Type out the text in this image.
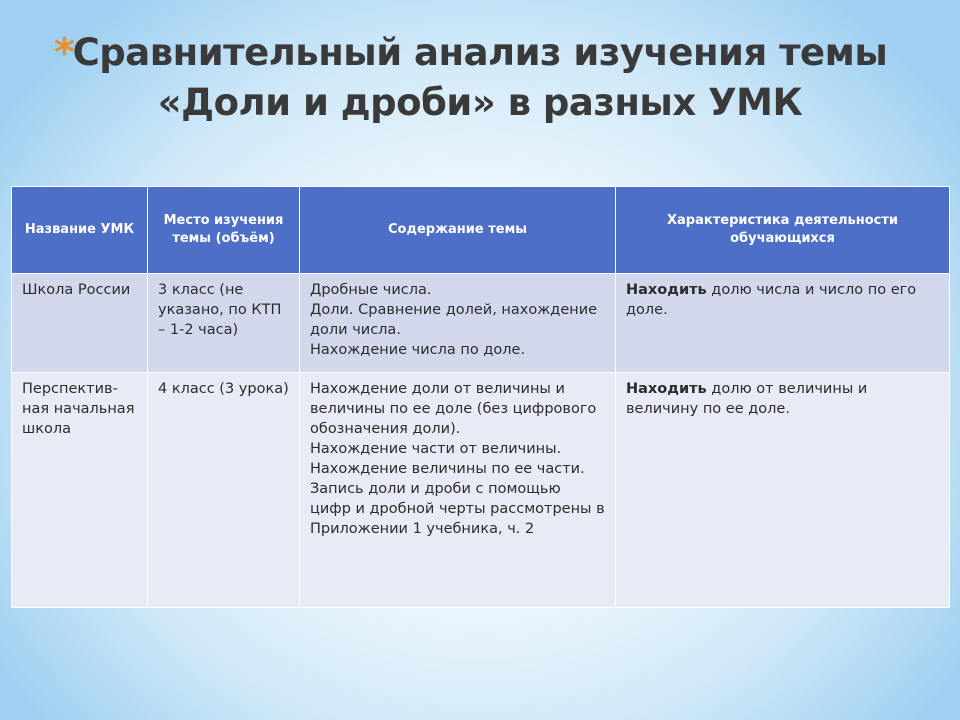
*
Сравнительный анализ изучения темы
«Доли и дроби» в разных УМК
Название УМК	Место изучения темы (объём)	Содержание темы	Характеристика деятельности обучающихся
Школа России	3 класс (не указано, по КТП – 1-2 часа)	Дробные числа.
Доли. Сравнение долей, нахождение доли числа.
Нахождение числа по доле.	Находить долю числа и число по его доле.
Перспектив-ная начальная школа	4 класс (3 урока)	Нахождение доли от величины и величины по ее доле (без цифрового обозначения доли).
Нахождение части от величины.
Нахождение величины по ее части.
Запись доли и дроби с помощью цифр и дробной черты рассмотрены в Приложении 1 учебника, ч. 2	Находить долю от величины и величину по ее доле.
